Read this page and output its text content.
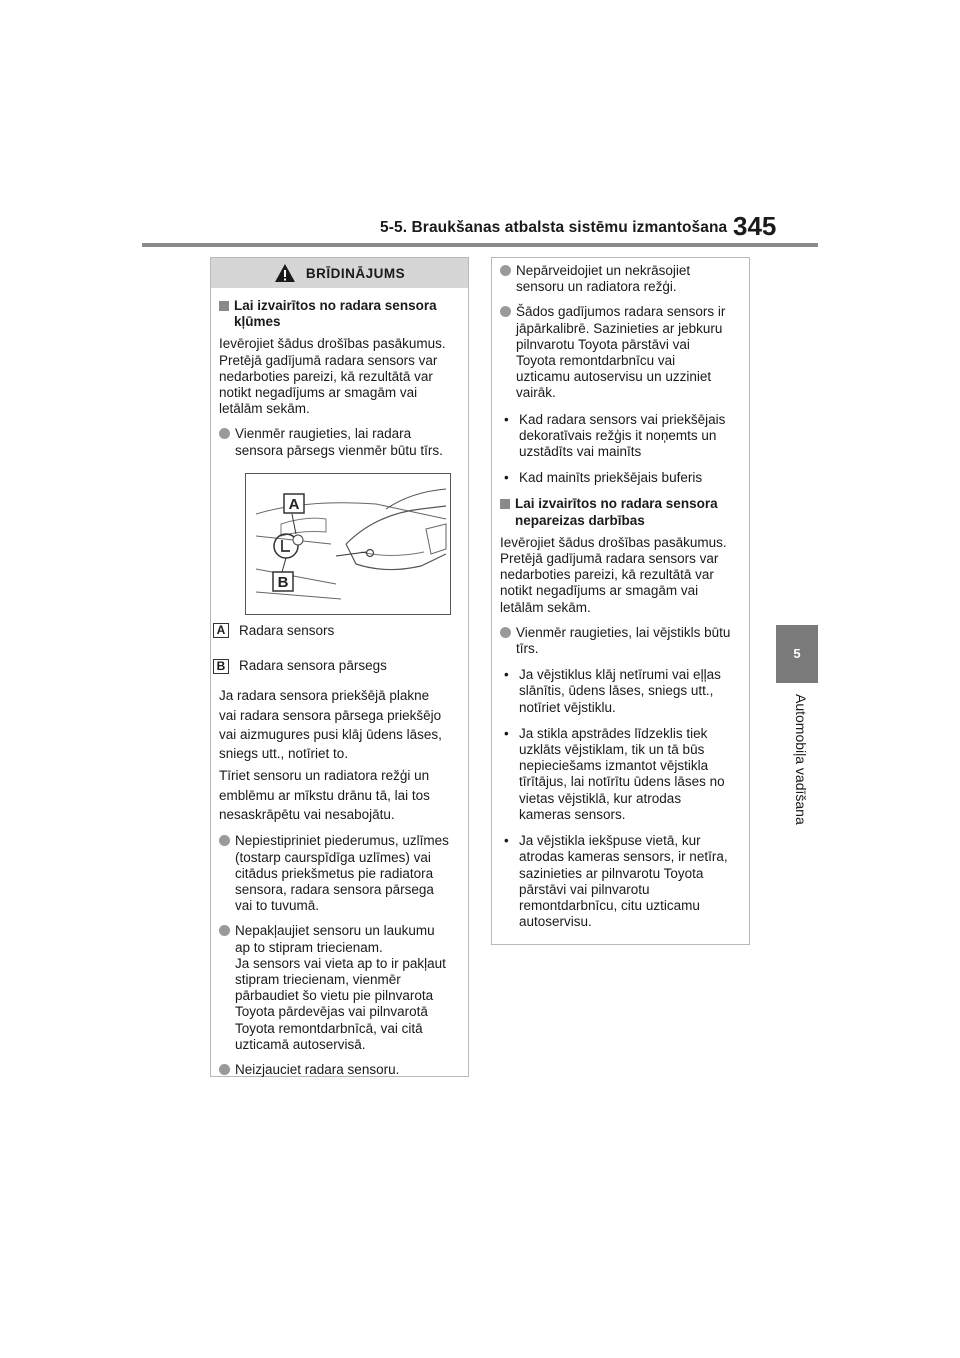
5-5. Braukšanas atbalsta sistēmu izmantošana 345
5
Automobiļa vadīšana
BRĪDINĀJUMS
Lai izvairītos no radara sensora
kļūmes
Ievērojiet šādus drošības pasākumus.
Pretējā gadījumā radara sensors var
nedarboties pareizi, kā rezultātā var
notikt negadījums ar smagām vai
letālām sekām.
Vienmēr raugieties, lai radara
sensora pārsegs vienmēr būtu tīrs.
A
B
A Radara sensors
B Radara sensora pārsegs
Ja radara sensora priekšējā plakne
vai radara sensora pārsega priekšējo
vai aizmugures pusi klāj ūdens lāses,
sniegs utt., notīriet to.
Tīriet sensoru un radiatora režģi un
emblēmu ar mīkstu drānu tā, lai tos
nesaskrāpētu vai nesabojātu.
Nepiestipriniet piederumus, uzlīmes
(tostarp caurspīdīga uzlīmes) vai
citādus priekšmetus pie radiatora
sensora, radara sensora pārsega
vai to tuvumā.
Nepakļaujiet sensoru un laukumu
ap to stipram triecienam.
Ja sensors vai vieta ap to ir pakļaut
stipram triecienam, vienmēr
pārbaudiet šo vietu pie pilnvarota
Toyota pārdevējas vai pilnvarotā
Toyota remontdarbnīcā, vai citā
uzticamā autoservisā.
Neizjauciet radara sensoru.
Nepārveidojiet un nekrāsojiet
sensoru un radiatora režģi.
Šādos gadījumos radara sensors ir
jāpārkalibrē. Sazinieties ar jebkuru
pilnvarotu Toyota pārstāvi vai
Toyota remontdarbnīcu vai
uzticamu autoservisu un uzziniet
vairāk.
• Kad radara sensors vai priekšējais
dekoratīvais režģis it noņemts un
uzstādīts vai mainīts
• Kad mainīts priekšējais buferis
Lai izvairītos no radara sensora
nepareizas darbības
Ievērojiet šādus drošības pasākumus.
Pretējā gadījumā radara sensors var
nedarboties pareizi, kā rezultātā var
notikt negadījums ar smagām vai
letālām sekām.
Vienmēr raugieties, lai vējstikls būtu
tīrs.
• Ja vējstiklus klāj netīrumi vai eļļas
slānītis, ūdens lāses, sniegs utt.,
notīriet vējstiklu.
• Ja stikla apstrādes līdzeklis tiek
uzklāts vējstiklam, tik un tā būs
nepieciešams izmantot vējstikla
tīrītājus, lai notīrītu ūdens lāses no
vietas vējstiklā, kur atrodas
kameras sensors.
• Ja vējstikla iekšpuse vietā, kur
atrodas kameras sensors, ir netīra,
sazinieties ar pilnvarotu Toyota
pārstāvi vai pilnvarotu
remontdarbnīcu, citu uzticamu
autoservisu.
